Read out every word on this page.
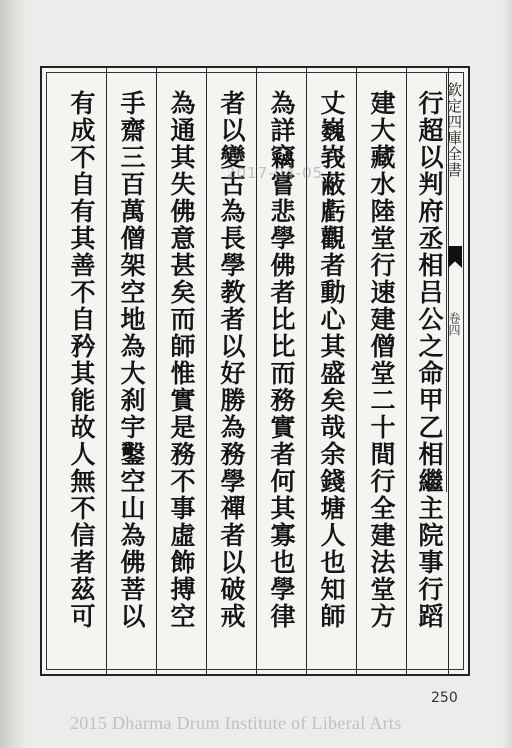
行超以判府丞相吕公之命甲乙相繼主院事行蹈
建大藏水陸堂行速建僧堂二十間行全建法堂方
丈巍峩蔽虧觀者動心其盛矣哉余錢塘人也知師
為詳竊嘗悲學佛者比比而務實者何其寡也學律
者以變古為長學教者以好勝為務學禪者以破戒
為通其失佛意甚矣而師惟實是務不事虛飾搏空
手齋三百萬僧架空地為大刹宇鑿空山為佛菩以
有成不自有其善不自矜其能故人無不信者茲可	欽定四庫全書
卷四
2017-04-05
250
2015 Dharma Drum Institute of Liberal Arts
